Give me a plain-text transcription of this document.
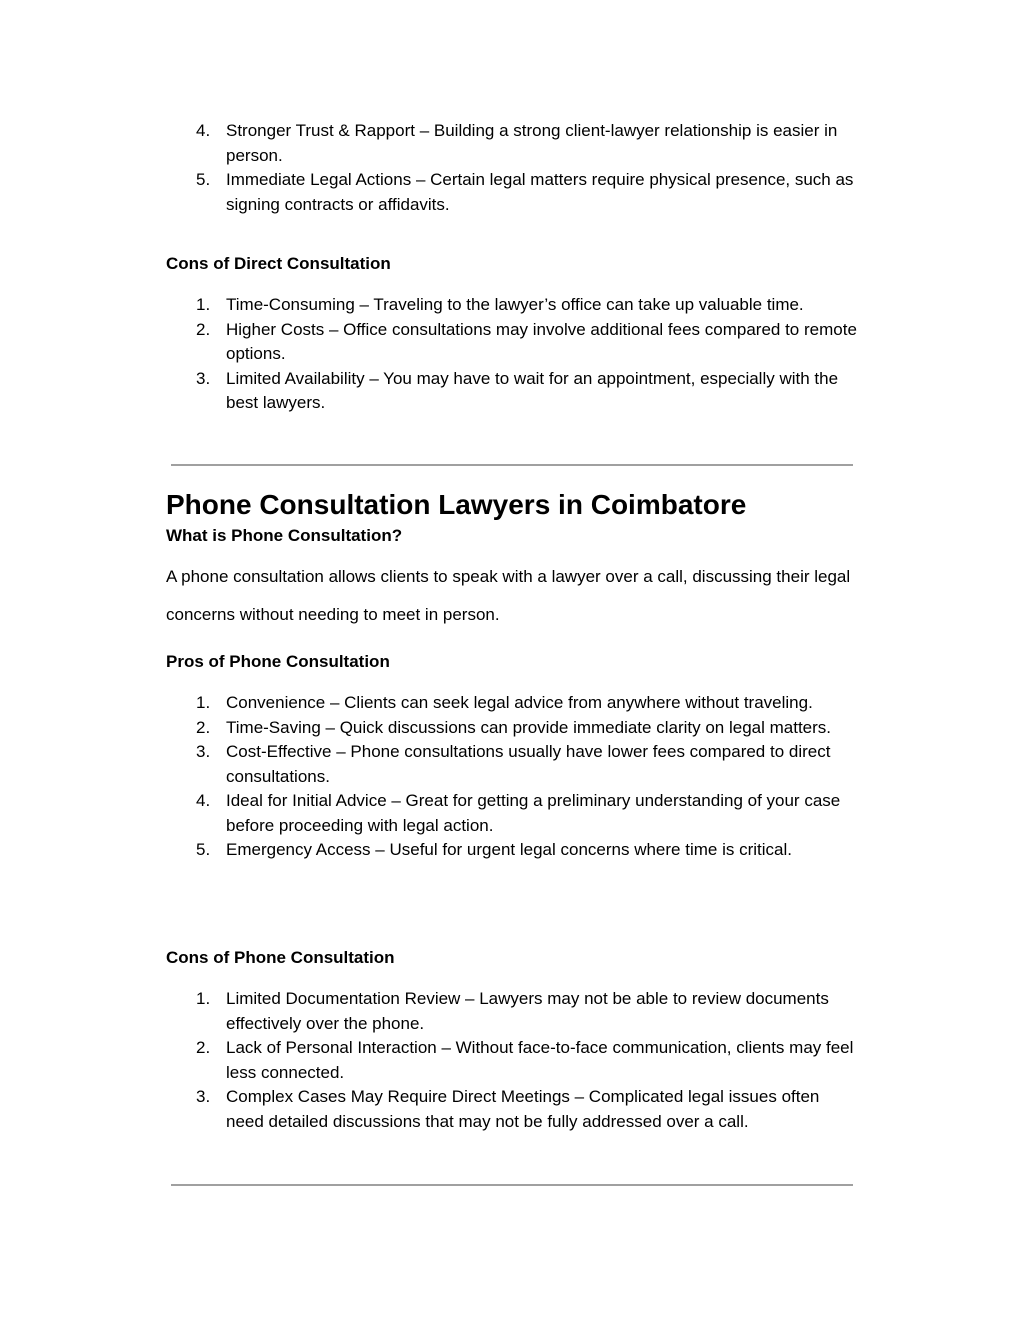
4. Stronger Trust & Rapport – Building a strong client-lawyer relationship is easier in person.
5. Immediate Legal Actions – Certain legal matters require physical presence, such as signing contracts or affidavits.
Cons of Direct Consultation
1. Time-Consuming – Traveling to the lawyer’s office can take up valuable time.
2. Higher Costs – Office consultations may involve additional fees compared to remote options.
3. Limited Availability – You may have to wait for an appointment, especially with the best lawyers.
Phone Consultation Lawyers in Coimbatore
What is Phone Consultation?

A phone consultation allows clients to speak with a lawyer over a call, discussing their legal concerns without needing to meet in person.

Pros of Phone Consultation
1. Convenience – Clients can seek legal advice from anywhere without traveling.
2. Time-Saving – Quick discussions can provide immediate clarity on legal matters.
3. Cost-Effective – Phone consultations usually have lower fees compared to direct consultations.
4. Ideal for Initial Advice – Great for getting a preliminary understanding of your case before proceeding with legal action.
5. Emergency Access – Useful for urgent legal concerns where time is critical.
Cons of Phone Consultation
1. Limited Documentation Review – Lawyers may not be able to review documents effectively over the phone.
2. Lack of Personal Interaction – Without face-to-face communication, clients may feel less connected.
3. Complex Cases May Require Direct Meetings – Complicated legal issues often need detailed discussions that may not be fully addressed over a call.
